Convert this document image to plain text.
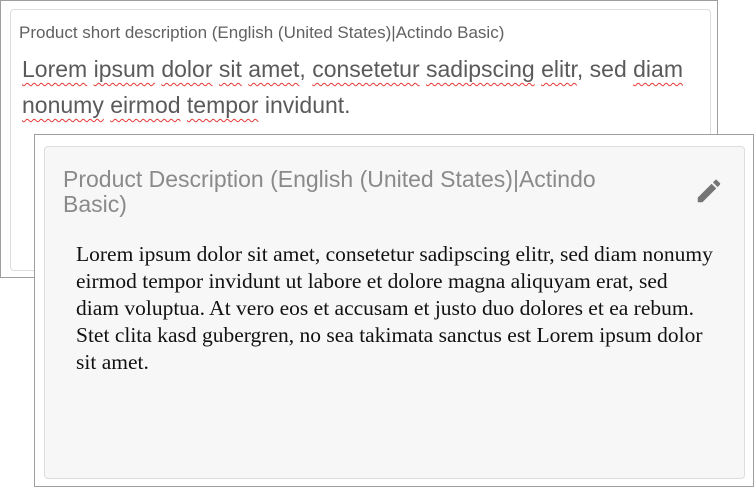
Product short description (English (United States)|Actindo Basic)
Lorem ipsum dolor sit amet, consetetur sadipscing elitr, sed diam nonumy eirmod tempor invidunt.
Product Description (English (United States)|Actindo Basic)
Lorem ipsum dolor sit amet, consetetur sadipscing elitr, sed diam nonumy eirmod tempor invidunt ut labore et dolore magna aliquyam erat, sed diam voluptua. At vero eos et accusam et justo duo dolores et ea rebum. Stet clita kasd gubergren, no sea takimata sanctus est Lorem ipsum dolor sit amet.
